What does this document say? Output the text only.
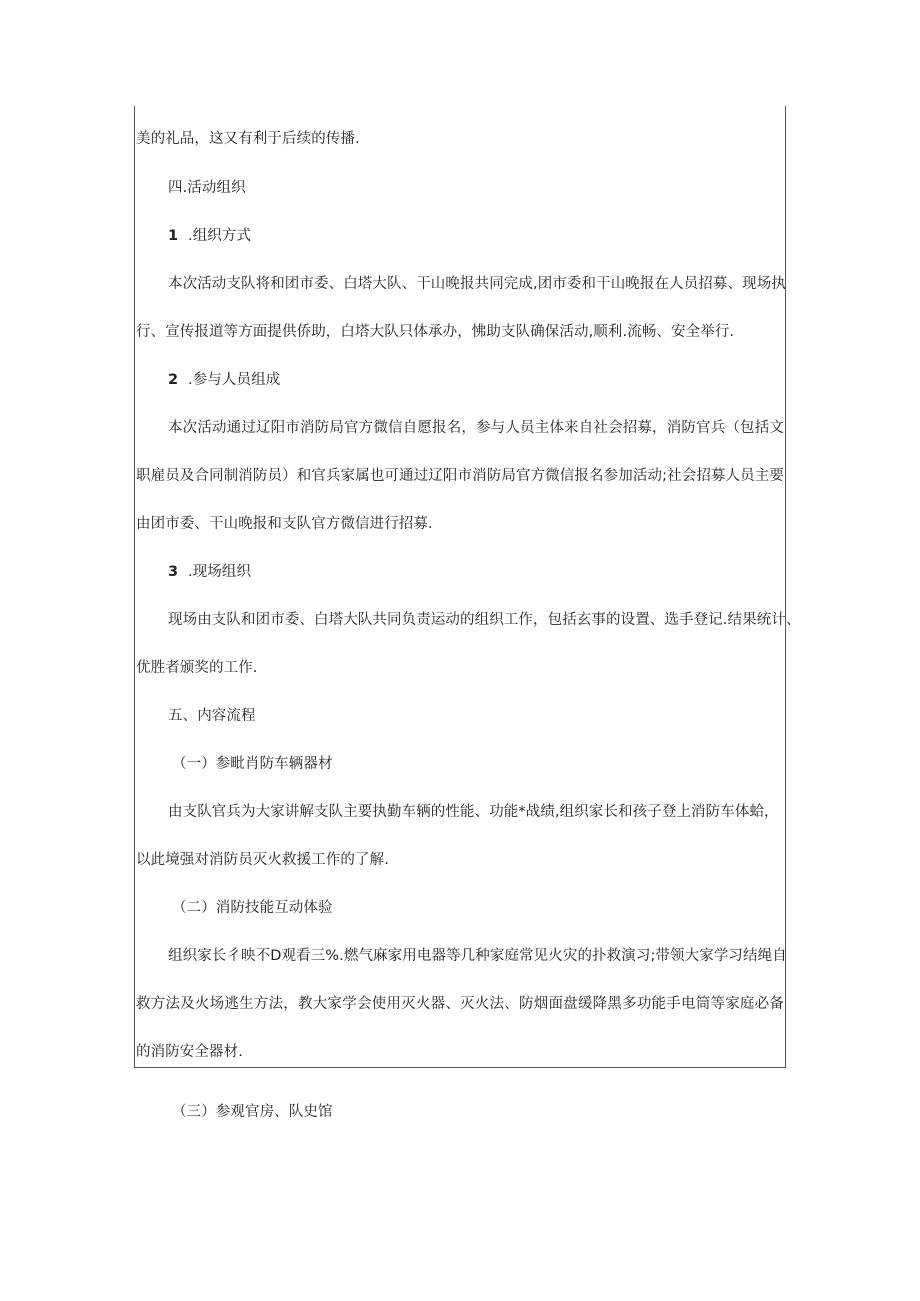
美的礼品，这又有利于后续的传播.
四.活动组织
1 .组织方式
本次活动支队将和团市委、白塔大队、干山晚报共同完成,团市委和干山晚报在人员招募、现场执
行、宣传报道等方面提供侨助，白塔大队只体承办，怫助支队确保活动,顺利.流畅、安全举行.
2 .参与人员组成
本次活动通过辽阳市消防局官方微信自愿报名，参与人员主体来自社会招募，消防官兵（包括文
职雇员及合同制消防员）和官兵家属也可通过辽阳市消防局官方微信报名参加活动;社会招募人员主要
由团市委、干山晚报和支队官方微信进行招募.
3 .现场组织
现场由支队和团市委、白塔大队共同负责运动的组织工作，包括玄事的设置、选手登记.结果统计、
优胜者颁奖的工作.
五、内容流程
（一）参毗肖防车辆器材
由支队官兵为大家讲解支队主要执勤车辆的性能、功能*战绩,组织家长和孩子登上消防车体蛤，
以此境强对消防员灭火救援工作的了解.
（二）消防技能互动体验
组织家长彳映不D观看三%.燃气麻家用电器等几种家庭常见火灾的扑救演习;带领大家学习结绳自
救方法及火场逃生方法，教大家学会使用灭火器、灭火法、防烟面盘缓降黑多功能手电筒等家庭必备
的消防安全器材.
（三）参观官房、队史馆
